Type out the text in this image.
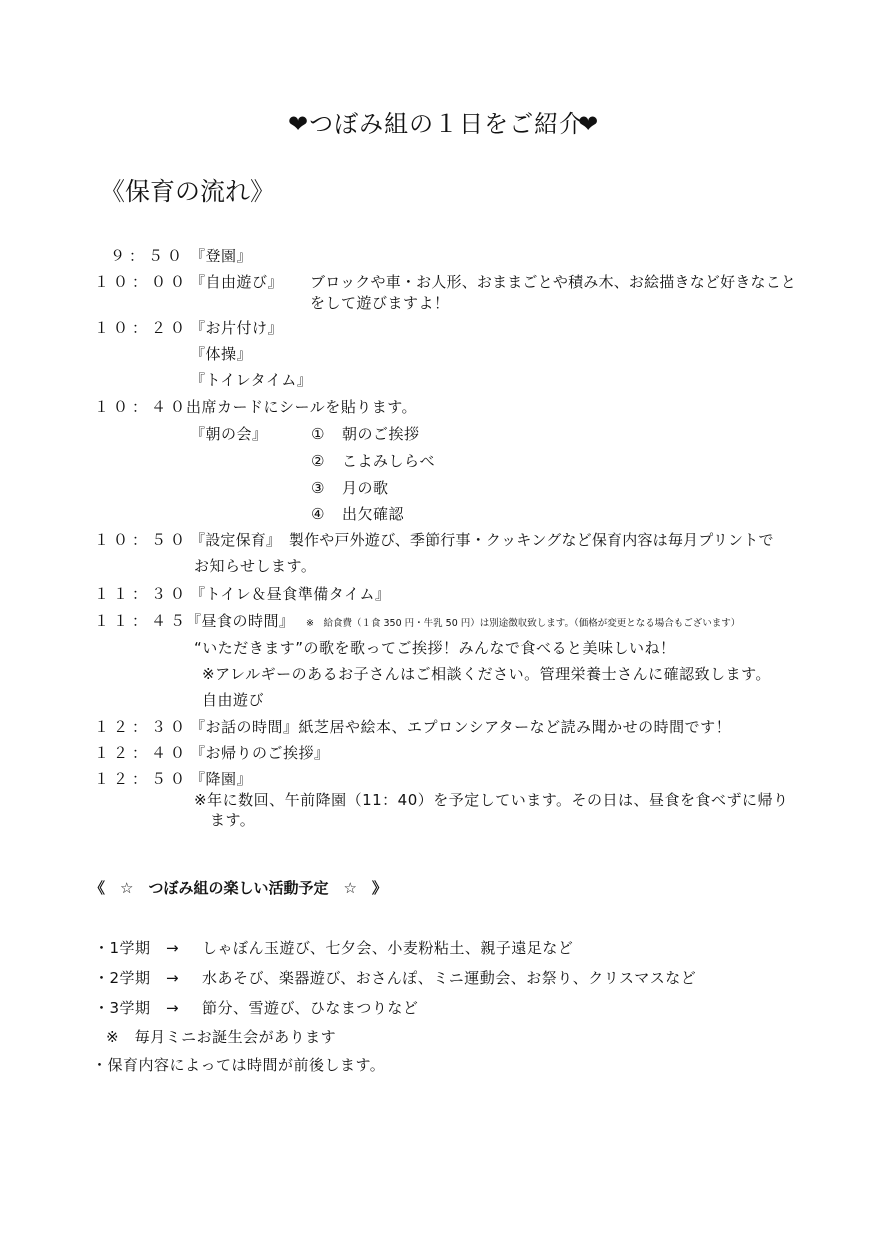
❤つぼみ組の１日をご紹介❤
《保育の流れ》
９：５０ 『登園』
１０：００ 『自由遊び』 ブロックや車・お人形、おままごとや積み木、お絵描きなど好きなこと
をして遊びますよ！
１０：２０ 『お片付け』
『体操』
『トイレタイム』
１０：４０
出席カードにシールを貼ります。
『朝の会』	① 朝のご挨拶
② こよみしらべ
③ 月の歌
④ 出欠確認
１０：５０ 『設定保育』　製作や戸外遊び、季節行事・クッキングなど保育内容は毎月プリントで
お知らせします。
１１：３０ 『トイレ＆昼食準備タイム』
１１：４５
『昼食の時間』 ※　給食費（１食 350 円・牛乳 50 円）は別途徴収致します。（価格が変更となる場合もございます）
“いただきます”の歌を歌ってご挨拶！みんなで食べると美味しいね！
※アレルギーのあるお子さんはご相談ください。管理栄養士さんに確認致します。
自由遊び
１２：３０ 『お話の時間』紙芝居や絵本、エプロンシアターなど読み聞かせの時間です！
１２：４０ 『お帰りのご挨拶』
１２：５０ 『降園』
※年に数回、午前降園（11：40）を予定しています。その日は、昼食を食べずに帰り
ます。
《　☆　つぼみ組の楽しい活動予定　☆　》
・1学期　→ しゃぼん玉遊び、七夕会、小麦粉粘土、親子遠足など
・2学期　→ 水あそび、楽器遊び、おさんぽ、ミニ運動会、お祭り、クリスマスなど
・3学期　→ 節分、雪遊び、ひなまつりなど
※　毎月ミニお誕生会があります
・保育内容によっては時間が前後します。
